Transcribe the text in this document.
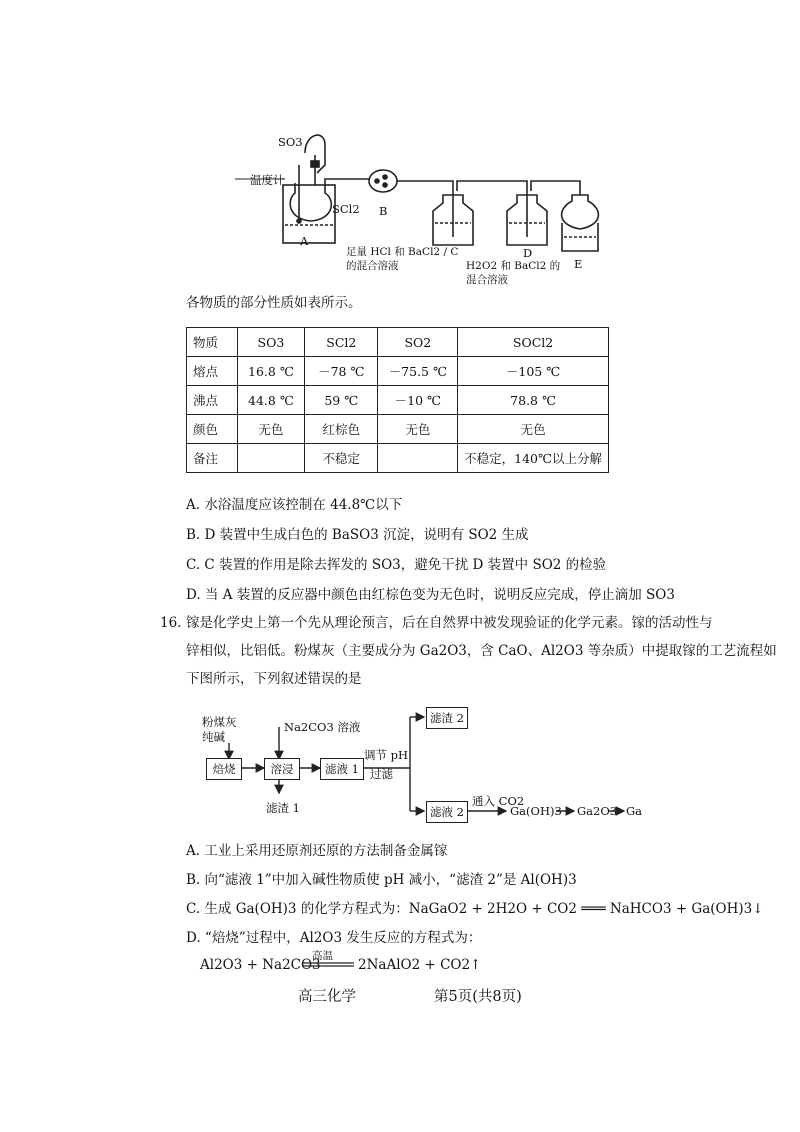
SO3
温度计
SCl2
A
B
足量 HCl 和 BaCl2 / C
的混合溶液
D
H2O2 和 BaCl2 的
混合溶液
E
各物质的部分性质如表所示。
物质	SO3	SCl2	SO2	SOCl2
熔点	16.8 ℃	－78 ℃	－75.5 ℃	－105 ℃
沸点	44.8 ℃	59 ℃	－10 ℃	78.8 ℃
颜色	无色	红棕色	无色	无色
备注		不稳定		不稳定，140℃以上分解
A. 水浴温度应该控制在 44.8℃以下
B. D 装置中生成白色的 BaSO3 沉淀，说明有 SO2 生成
C. C 装置的作用是除去挥发的 SO3，避免干扰 D 装置中 SO2 的检验
D. 当 A 装置的反应器中颜色由红棕色变为无色时，说明反应完成，停止滴加 SO3
16. 镓是化学史上第一个先从理论预言，后在自然界中被发现验证的化学元素。镓的活动性与
锌相似，比铝低。粉煤灰（主要成分为 Ga2O3，含 CaO、Al2O3 等杂质）中提取镓的工艺流程如
下图所示，下列叙述错误的是
粉煤灰
纯碱
焙烧
Na2CO3 溶液
溶浸
滤渣 1
滤液 1
调节 pH
过滤
滤渣 2
滤液 2
通入 CO2
Ga(OH)3 Ga2O3 Ga
A. 工业上采用还原剂还原的方法制备金属镓
B. 向“滤液 1”中加入碱性物质使 pH 减小，“滤渣 2”是 Al(OH)3
C. 生成 Ga(OH)3 的化学方程式为：NaGaO2 + 2H2O + CO2 ═══ NaHCO3 + Ga(OH)3↓
D. “焙烧”过程中，Al2O3 发生反应的方程式为：
Al2O3 + Na2CO3
高温
2NaAlO2 + CO2↑
高三化学	第5页(共8页)
